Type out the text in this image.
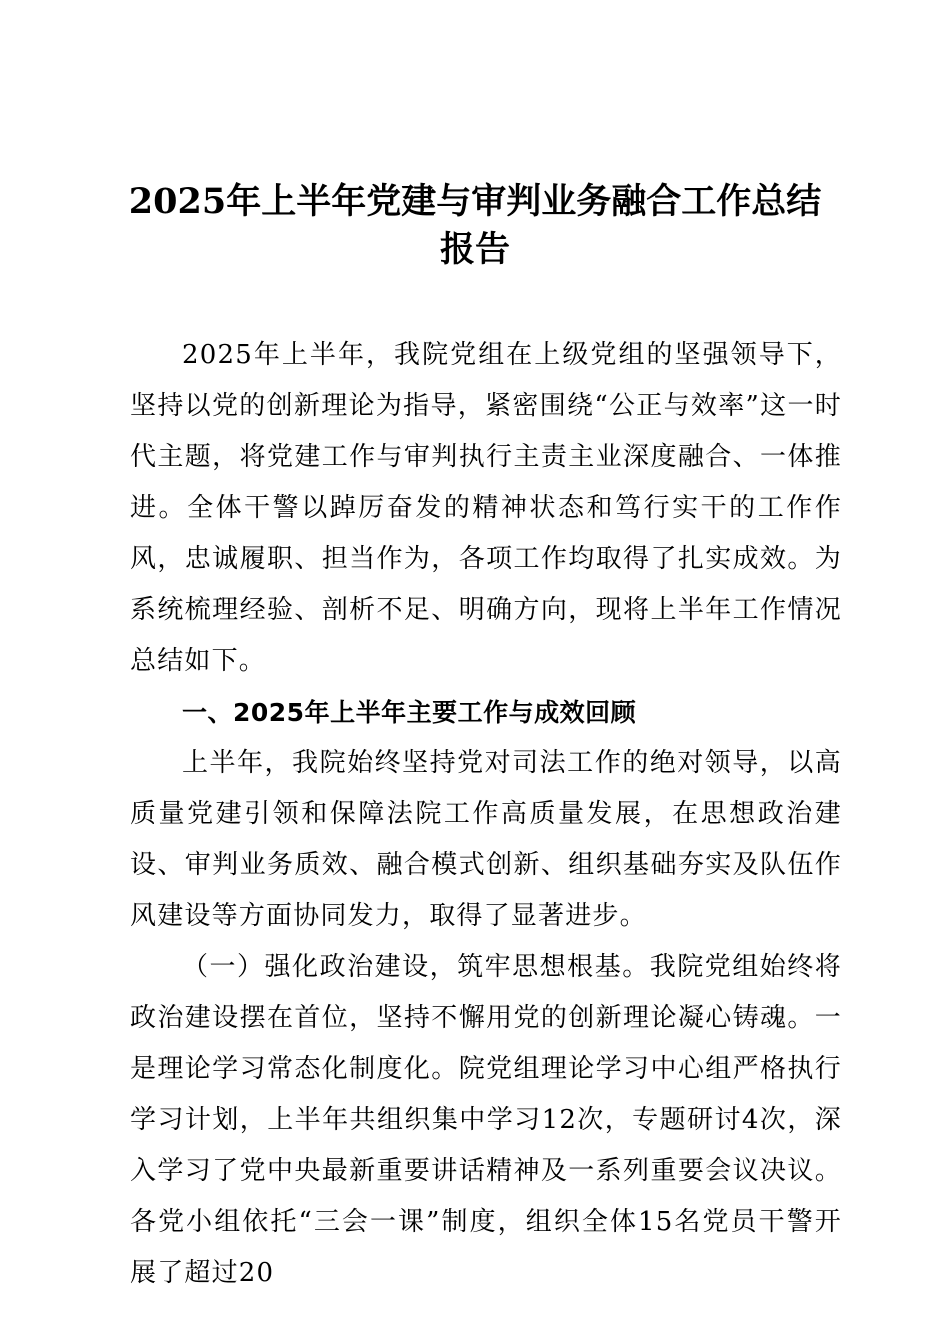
2025年上半年党建与审判业务融合工作总结
报告

2025年上半年，我院党组在上级党组的坚强领导下，坚持以党的创新理论为指导，紧密围绕“公正与效率”这一时代主题，将党建工作与审判执行主责主业深度融合、一体推进。全体干警以踔厉奋发的精神状态和笃行实干的工作作风，忠诚履职、担当作为，各项工作均取得了扎实成效。为系统梳理经验、剖析不足、明确方向，现将上半年工作情况总结如下。

一、2025年上半年主要工作与成效回顾

上半年，我院始终坚持党对司法工作的绝对领导，以高质量党建引领和保障法院工作高质量发展，在思想政治建设、审判业务质效、融合模式创新、组织基础夯实及队伍作风建设等方面协同发力，取得了显著进步。

（一）强化政治建设，筑牢思想根基。我院党组始终将政治建设摆在首位，坚持不懈用党的创新理论凝心铸魂。一是理论学习常态化制度化。院党组理论学习中心组严格执行学习计划，上半年共组织集中学习12次，专题研讨4次，深入学习了党中央最新重要讲话精神及一系列重要会议决议。各党小组依托“三会一课”制度，组织全体15名党员干警开展了超过20
